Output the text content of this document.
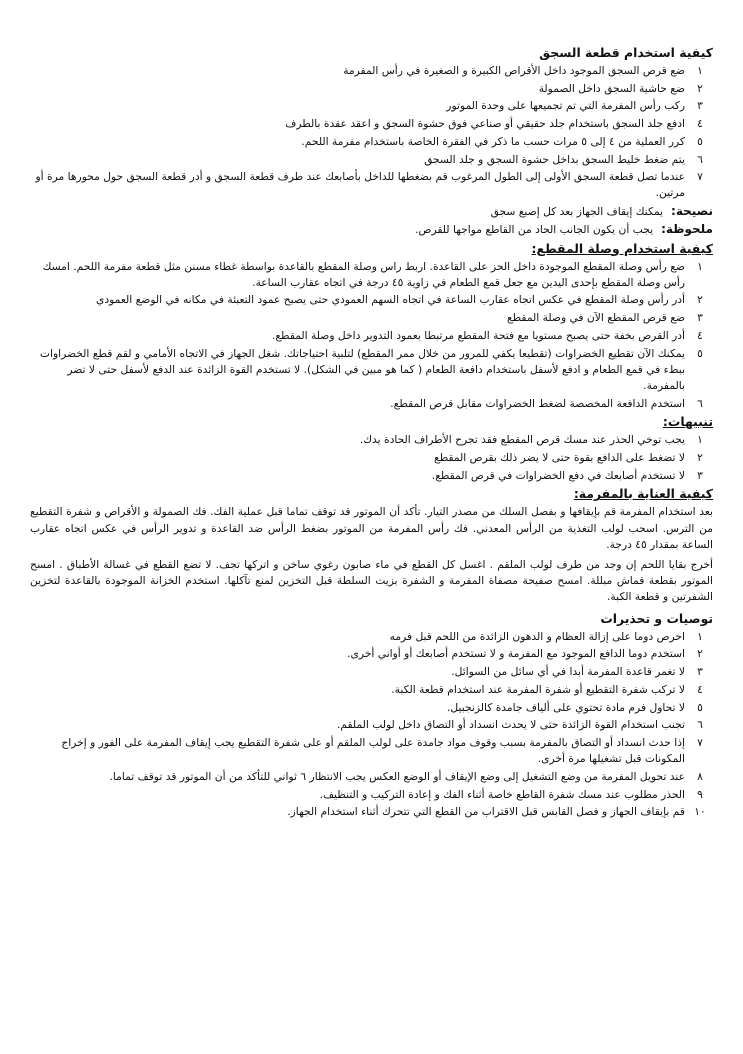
كيفية استخدام قطعة السجق
١
ضع قرص السجق الموجود داخل الأقراص الكبيرة و الصغيرة في رأس المفرمة
٢
ضع حاشية السجق داخل الصمولة
٣
ركب رأس المفرمة التي تم تجميعها على وحدة الموتور
٤
ادفع جلد السجق باستخدام جلد حقيقي أو صناعي فوق حشوة السجق و اعقد عقدة بالطرف
٥
كرر العملية من ٤ إلى ٥ مرات حسب ما ذكر في الفقرة الخاصة باستخدام مفرمة اللحم.
٦
يتم ضغط خليط السجق بداخل حشوة السجق و جلد السجق
٧
عندما تصل قطعة السجق الأولى إلى الطول المرغوب قم بضغطها للداخل بأصابعك عند طرف قطعة السجق و أدر قطعة السجق حول محورها مرة أو مرتين.
نصيحة:يمكنك إيقاف الجهاز بعد كل إصبع سجق
ملحوظة:يجب أن يكون الجانب الحاد من القاطع مواجها للقرص.
كيفية استخدام وصلة المقطع:
١
ضع رأس وصلة المقطع الموجودة داخل الحز على القاعدة. اربط راس وصلة المقطع بالقاعدة بواسطة غطاء مسنن مثل قطعة مفرمة اللحم. امسك رأس وصلة المقطع بإحدى اليدين مع جعل قمع الطعام في زاوية ٤٥ درجة في اتجاه عقارب الساعة.
٢
أدر رأس وصلة المقطع في عكس اتجاه عقارب الساعة في اتجاه السهم العمودي حتى يصبح عمود التعبئة في مكانه في الوضع العمودي
٣
ضع قرص المقطع الآن في وصلة المقطع
٤
أدر القرص بخفة حتى يصبح مستويا مع فتحة المقطع مرتبطا بعمود التدوير داخل وصلة المقطع.
٥
يمكنك الآن تقطيع الخضراوات (تقطيعا يكفي للمرور من خلال ممر المقطع) لتلبية احتياجاتك. شغل الجهاز في الاتجاه الأمامي و لقم قطع الخضراوات ببطء في قمع الطعام و ادفع لأسفل باستخدام دافعة الطعام ( كما هو مبين في الشكل). لا تستخدم القوة الزائدة عند الدفع لأسفل حتى لا تضر بالمفرمة.
٦
استخدم الدافعة المخصصة لضغط الخضراوات مقابل قرص المقطع.
تنبيهات:
١
يجب توخي الحذر عند مسك قرص المقطع فقد تجرح الأطراف الحادة يدك.
٢
لا تضغط على الدافع بقوة حتى لا يضر ذلك بقرص المقطع
٣
لا تستخدم أصابعك في دفع الخضراوات في قرص المقطع.
كيفية العناية بالمفرمة:

بعد استخدام المفرمة قم بإيقافها و بفصل السلك من مصدر التيار. تأكد أن الموتور قد توقف تماما قبل عملية الفك. فك الصمولة و الأقراص و شفرة التقطيع من الترس. اسحب لولب التغذية من الرأس المعدني. فك رأس المفرمة من الموتور بضغط الرأس ضد القاعدة و تدوير الرأس في عكس اتجاه عقارب الساعة بمقدار ٤٥ درجة.

أخرج بقايا اللحم إن وجد من طرف لولب الملقم . اغسل كل القطع في ماء صابون رغوي ساخن و اتركها تجف. لا تضع القطع في غسالة الأطباق . امسح الموتور بقطعة قماش مبللة. امسح صفيحة مصفاة المفرمة و الشفرة بزيت السلطة قبل التخزين لمنع تآكلها. استخدم الخزانة الموجودة بالقاعدة لتخزين الشفرتين و قطعة الكبة.

توصيات و تحذيرات
١
احرص دوما على إزالة العظام و الدهون الزائدة من اللحم قبل فرمه
٢
استخدم دوما الدافع الموجود مع المفرمة و لا تستخدم أصابعك أو أواني أخرى.
٣
لا تغمر قاعدة المفرمة أبدا في أي سائل من السوائل.
٤
لا تركب شفرة التقطيع أو شفرة المفرمة عند استخدام قطعة الكبة.
٥
لا تحاول فرم مادة تحتوي على ألياف جامدة كالزنجبيل.
٦
تجنب استخدام القوة الزائدة حتى لا يحدث انسداد أو التصاق داخل لولب الملقم.
٧
إذا حدث انسداد أو التصاق بالمفرمة بسبب وقوف مواد جامدة على لولب الملقم أو على شفرة التقطيع يجب إيقاف المفرمة على الفور و إخراج المكونات قبل تشغيلها مرة أخرى.
٨
عند تحويل المفرمة من وضع التشغيل إلى وضع الإيقاف أو الوضع العكس يجب الانتظار ٦ ثواني للتأكد من أن الموتور قد توقف تماما.
٩
الحذر مطلوب عند مسك شفرة القاطع خاصة أثناء الفك و إعادة التركيب و التنظيف.
١٠
قم بإيقاف الجهاز و فصل القابس قبل الاقتراب من القطع التي تتحرك أثناء استخدام الجهاز.
